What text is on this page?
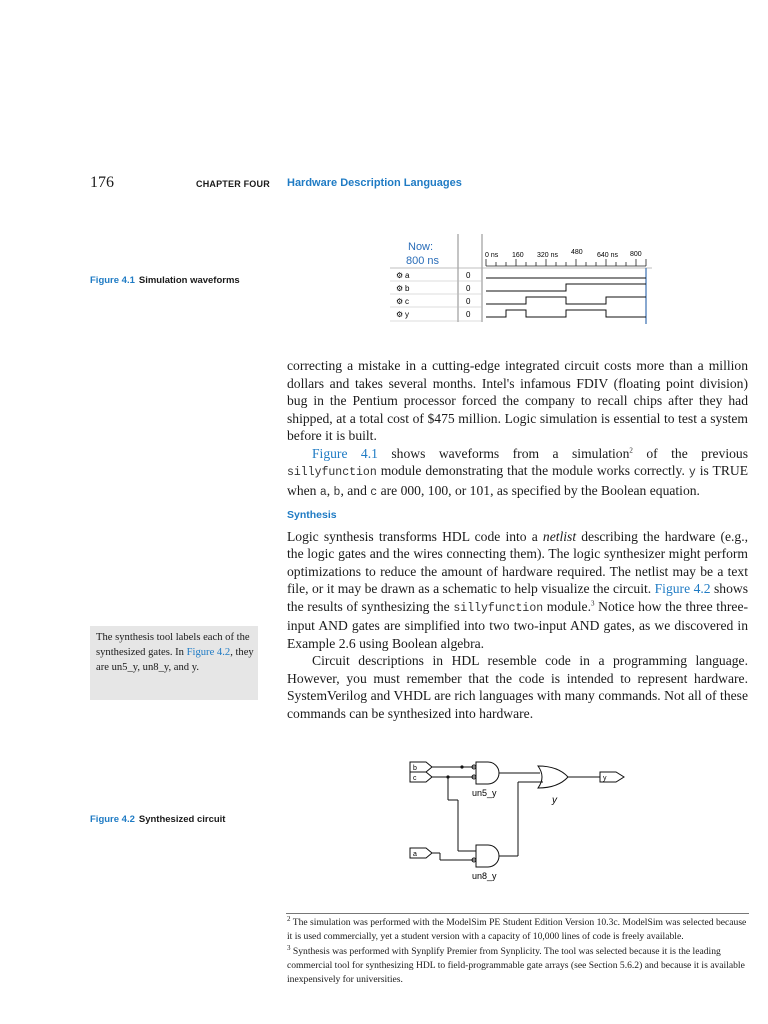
176	CHAPTER FOUR Hardware Description Languages
Figure 4.1 Simulation waveforms
Now:
800 ns	0 ns 160 320 ns 480 640 ns 800
⚙ a	0
⚙ b	0
⚙ c	0
⚙ y	0

correcting a mistake in a cutting-edge integrated circuit costs more than a million dollars and takes several months. Intel's infamous FDIV (floating point division) bug in the Pentium processor forced the company to recall chips after they had shipped, at a total cost of $475 million. Logic simulation is essential to test a system before it is built.

Figure 4.1 shows waveforms from a simulation$^2$ of the previous sillyfunction module demonstrating that the module works correctly. y is TRUE when a, b, and c are 000, 100, or 101, as specified by the Boolean equation.

Synthesis

Logic synthesis transforms HDL code into a netlist describing the hardware (e.g., the logic gates and the wires connecting them). The logic synthesizer might perform optimizations to reduce the amount of hardware required. The netlist may be a text file, or it may be drawn as a schematic to help visualize the circuit. Figure 4.2 shows the results of synthesizing the sillyfunction module.$^3$ Notice how the three three-input AND gates are simplified into two two-input AND gates, as we discovered in Example 2.6 using Boolean algebra.

Circuit descriptions in HDL resemble code in a programming language. However, you must remember that the code is intended to represent hardware. SystemVerilog and VHDL are rich languages with many commands. Not all of these commands can be synthesized into hardware.

The synthesis tool labels each of the synthesized gates. In Figure 4.2, they are un5_y, un8_y, and y.
Figure 4.2 Synthesized circuit
b
c
a
y
un5_y
un8_y
y

$^2$ The simulation was performed with the ModelSim PE Student Edition Version 10.3c. ModelSim was selected because it is used commercially, yet a student version with a capacity of 10,000 lines of code is freely available.

$^3$ Synthesis was performed with Synplify Premier from Synplicity. The tool was selected because it is the leading commercial tool for synthesizing HDL to field-programmable gate arrays (see Section 5.6.2) and because it is available inexpensively for universities.
